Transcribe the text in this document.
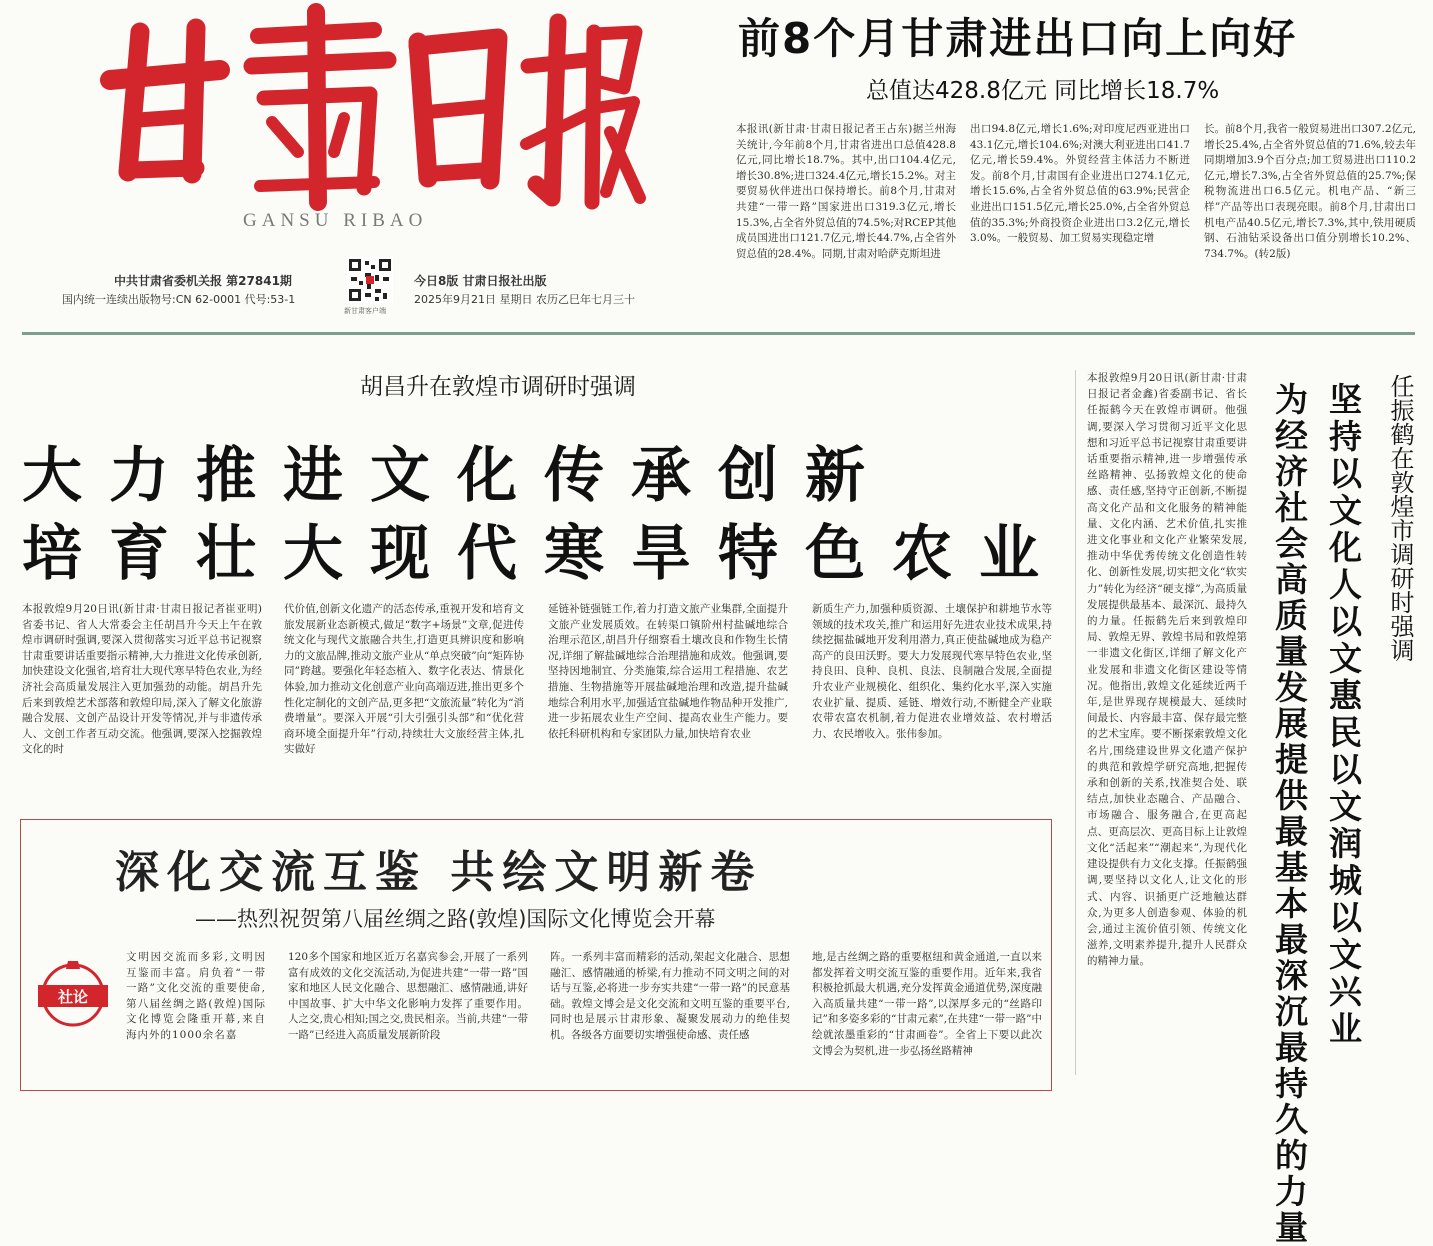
GANSU RIBAO
中共甘肃省委机关报 第27841期
国内统一连续出版物号:CN 62-0001 代号:53-1
新甘肃客户端
今日8版 甘肃日报社出版
2025年9月21日 星期日 农历乙巳年七月三十
前8个月甘肃进出口向上向好
总值达428.8亿元 同比增长18.7%
本报讯(新甘肃·甘肃日报记者王占东)据兰州海关统计,今年前8个月,甘肃省进出口总值428.8亿元,同比增长18.7%。其中,出口104.4亿元,增长30.8%;进口324.4亿元,增长15.2%。对主要贸易伙伴进出口保持增长。前8个月,甘肃对共建“一带一路”国家进出口319.3亿元,增长15.3%,占全省外贸总值的74.5%;对RCEP其他成员国进出口121.7亿元,增长44.7%,占全省外贸总值的28.4%。同期,甘肃对哈萨克斯坦进
出口94.8亿元,增长1.6%;对印度尼西亚进出口43.1亿元,增长104.6%;对澳大利亚进出口41.7亿元,增长59.4%。外贸经营主体活力不断迸发。前8个月,甘肃国有企业进出口274.1亿元,增长15.6%,占全省外贸总值的63.9%;民营企业进出口151.5亿元,增长25.0%,占全省外贸总值的35.3%;外商投资企业进出口3.2亿元,增长3.0%。一般贸易、加工贸易实现稳定增
长。前8个月,我省一般贸易进出口307.2亿元,增长25.4%,占全省外贸总值的71.6%,较去年同期增加3.9个百分点;加工贸易进出口110.2亿元,增长7.3%,占全省外贸总值的25.7%;保税物流进出口6.5亿元。机电产品、“新三样”产品等出口表现亮眼。前8个月,甘肃出口机电产品40.5亿元,增长7.3%,其中,铁用硬质钢、石油钻采设备出口值分别增长10.2%、734.7%。(转2版)
胡昌升在敦煌市调研时强调
大力推进文化传承创新
培育壮大现代寒旱特色农业
本报敦煌9月20日讯(新甘肃·甘肃日报记者崔亚明)省委书记、省人大常委会主任胡昌升今天上午在敦煌市调研时强调,要深入贯彻落实习近平总书记视察甘肃重要讲话重要指示精神,大力推进文化传承创新,加快建设文化强省,培育壮大现代寒旱特色农业,为经济社会高质量发展注入更加强劲的动能。胡昌升先后来到敦煌艺术部落和敦煌印局,深入了解文化旅游融合发展、文创产品设计开发等情况,并与非遗传承人、文创工作者互动交流。他强调,要深入挖掘敦煌文化的时
代价值,创新文化遗产的活态传承,重视开发和培育文旅发展新业态新模式,做足“数字+场景”文章,促进传统文化与现代文旅融合共生,打造更具辨识度和影响力的文旅品牌,推动文旅产业从“单点突破”向“矩阵协同”跨越。要强化年轻态植入、数字化表达、情景化体验,加力推动文化创意产业向高端迈进,推出更多个性化定制化的文创产品,更多把“文旅流量”转化为“消费增量”。要深入开展“引大引强引头部”和“优化营商环境全面提升年”行动,持续壮大文旅经营主体,扎实做好
延链补链强链工作,着力打造文旅产业集群,全面提升文旅产业发展质效。在转渠口镇阶州村盐碱地综合治理示范区,胡昌升仔细察看土壤改良和作物生长情况,详细了解盐碱地综合治理措施和成效。他强调,要坚持因地制宜、分类施策,综合运用工程措施、农艺措施、生物措施等开展盐碱地治理和改造,提升盐碱地综合利用水平,加强适宜盐碱地作物品种开发推广,进一步拓展农业生产空间、提高农业生产能力。要依托科研机构和专家团队力量,加快培育农业
新质生产力,加强种质资源、土壤保护和耕地节水等领域的技术攻关,推广和运用好先进农业技术成果,持续挖掘盐碱地开发利用潜力,真正使盐碱地成为稳产高产的良田沃野。要大力发展现代寒旱特色农业,坚持良田、良种、良机、良法、良制融合发展,全面提升农业产业规模化、组织化、集约化水平,深入实施农业扩量、提质、延链、增效行动,不断健全产业联农带农富农机制,着力促进农业增效益、农村增活力、农民增收入。张伟参加。
深化交流互鉴 共绘文明新卷
——热烈祝贺第八届丝绸之路(敦煌)国际文化博览会开幕
社论
文明因交流而多彩,文明因互鉴而丰富。肩负着“一带一路”文化交流的重要使命,第八届丝绸之路(敦煌)国际文化博览会隆重开幕,来自海内外的1000余名嘉
120多个国家和地区近万名嘉宾参会,开展了一系列富有成效的文化交流活动,为促进共建“一带一路”国家和地区人民文化融合、思想融汇、感情融通,讲好中国故事、扩大中华文化影响力发挥了重要作用。人之交,贵心相知;国之交,贵民相亲。当前,共建“一带一路”已经进入高质量发展新阶段
阵。一系列丰富而精彩的活动,架起文化融合、思想融汇、感情融通的桥梁,有力推动不同文明之间的对话与互鉴,必将进一步夯实共建“一带一路”的民意基础。敦煌文博会是文化交流和文明互鉴的重要平台,同时也是展示甘肃形象、凝聚发展动力的绝佳契机。各级各方面要切实增强使命感、责任感
地,是古丝绸之路的重要枢纽和黄金通道,一直以来都发挥着文明交流互鉴的重要作用。近年来,我省积极抢抓最大机遇,充分发挥黄金通道优势,深度融入高质量共建“一带一路”,以深厚多元的“丝路印记”和多姿多彩的“甘肃元素”,在共建“一带一路”中绘就浓墨重彩的“甘肃画卷”。全省上下要以此次文博会为契机,进一步弘扬丝路精神
本报敦煌9月20日讯(新甘肃·甘肃日报记者金鑫)省委副书记、省长任振鹤今天在敦煌市调研。他强调,要深入学习贯彻习近平文化思想和习近平总书记视察甘肃重要讲话重要指示精神,进一步增强传承丝路精神、弘扬敦煌文化的使命感、责任感,坚持守正创新,不断提高文化产品和文化服务的精神能量、文化内涵、艺术价值,扎实推进文化事业和文化产业繁荣发展,推动中华优秀传统文化创造性转化、创新性发展,切实把文化“软实力”转化为经济“硬支撑”,为高质量发展提供最基本、最深沉、最持久的力量。任振鹤先后来到敦煌印局、敦煌无界、敦煌书局和敦煌第一非遗文化街区,详细了解文化产业发展和非遗文化街区建设等情况。他指出,敦煌文化延续近两千年,是世界现存规模最大、延续时间最长、内容最丰富、保存最完整的艺术宝库。要不断探索敦煌文化名片,围绕建设世界文化遗产保护的典范和敦煌学研究高地,把握传承和创新的关系,找准契合处、联结点,加快业态融合、产品融合、市场融合、服务融合,在更高起点、更高层次、更高目标上让敦煌文化“活起来”“潮起来”,为现代化建设提供有力文化支撑。任振鹤强调,要坚持以文化人,让文化的形式、内容、识插更广泛地触达群众,为更多人创造参观、体验的机会,通过主流价值引领、传统文化滋养,文明素养提升,提升人民群众的精神力量。
任振鹤在敦煌市调研时强调
坚持以文化人以文惠民以文润城以文兴业
为经济社会高质量发展提供最基本最深沉最持久的力量
